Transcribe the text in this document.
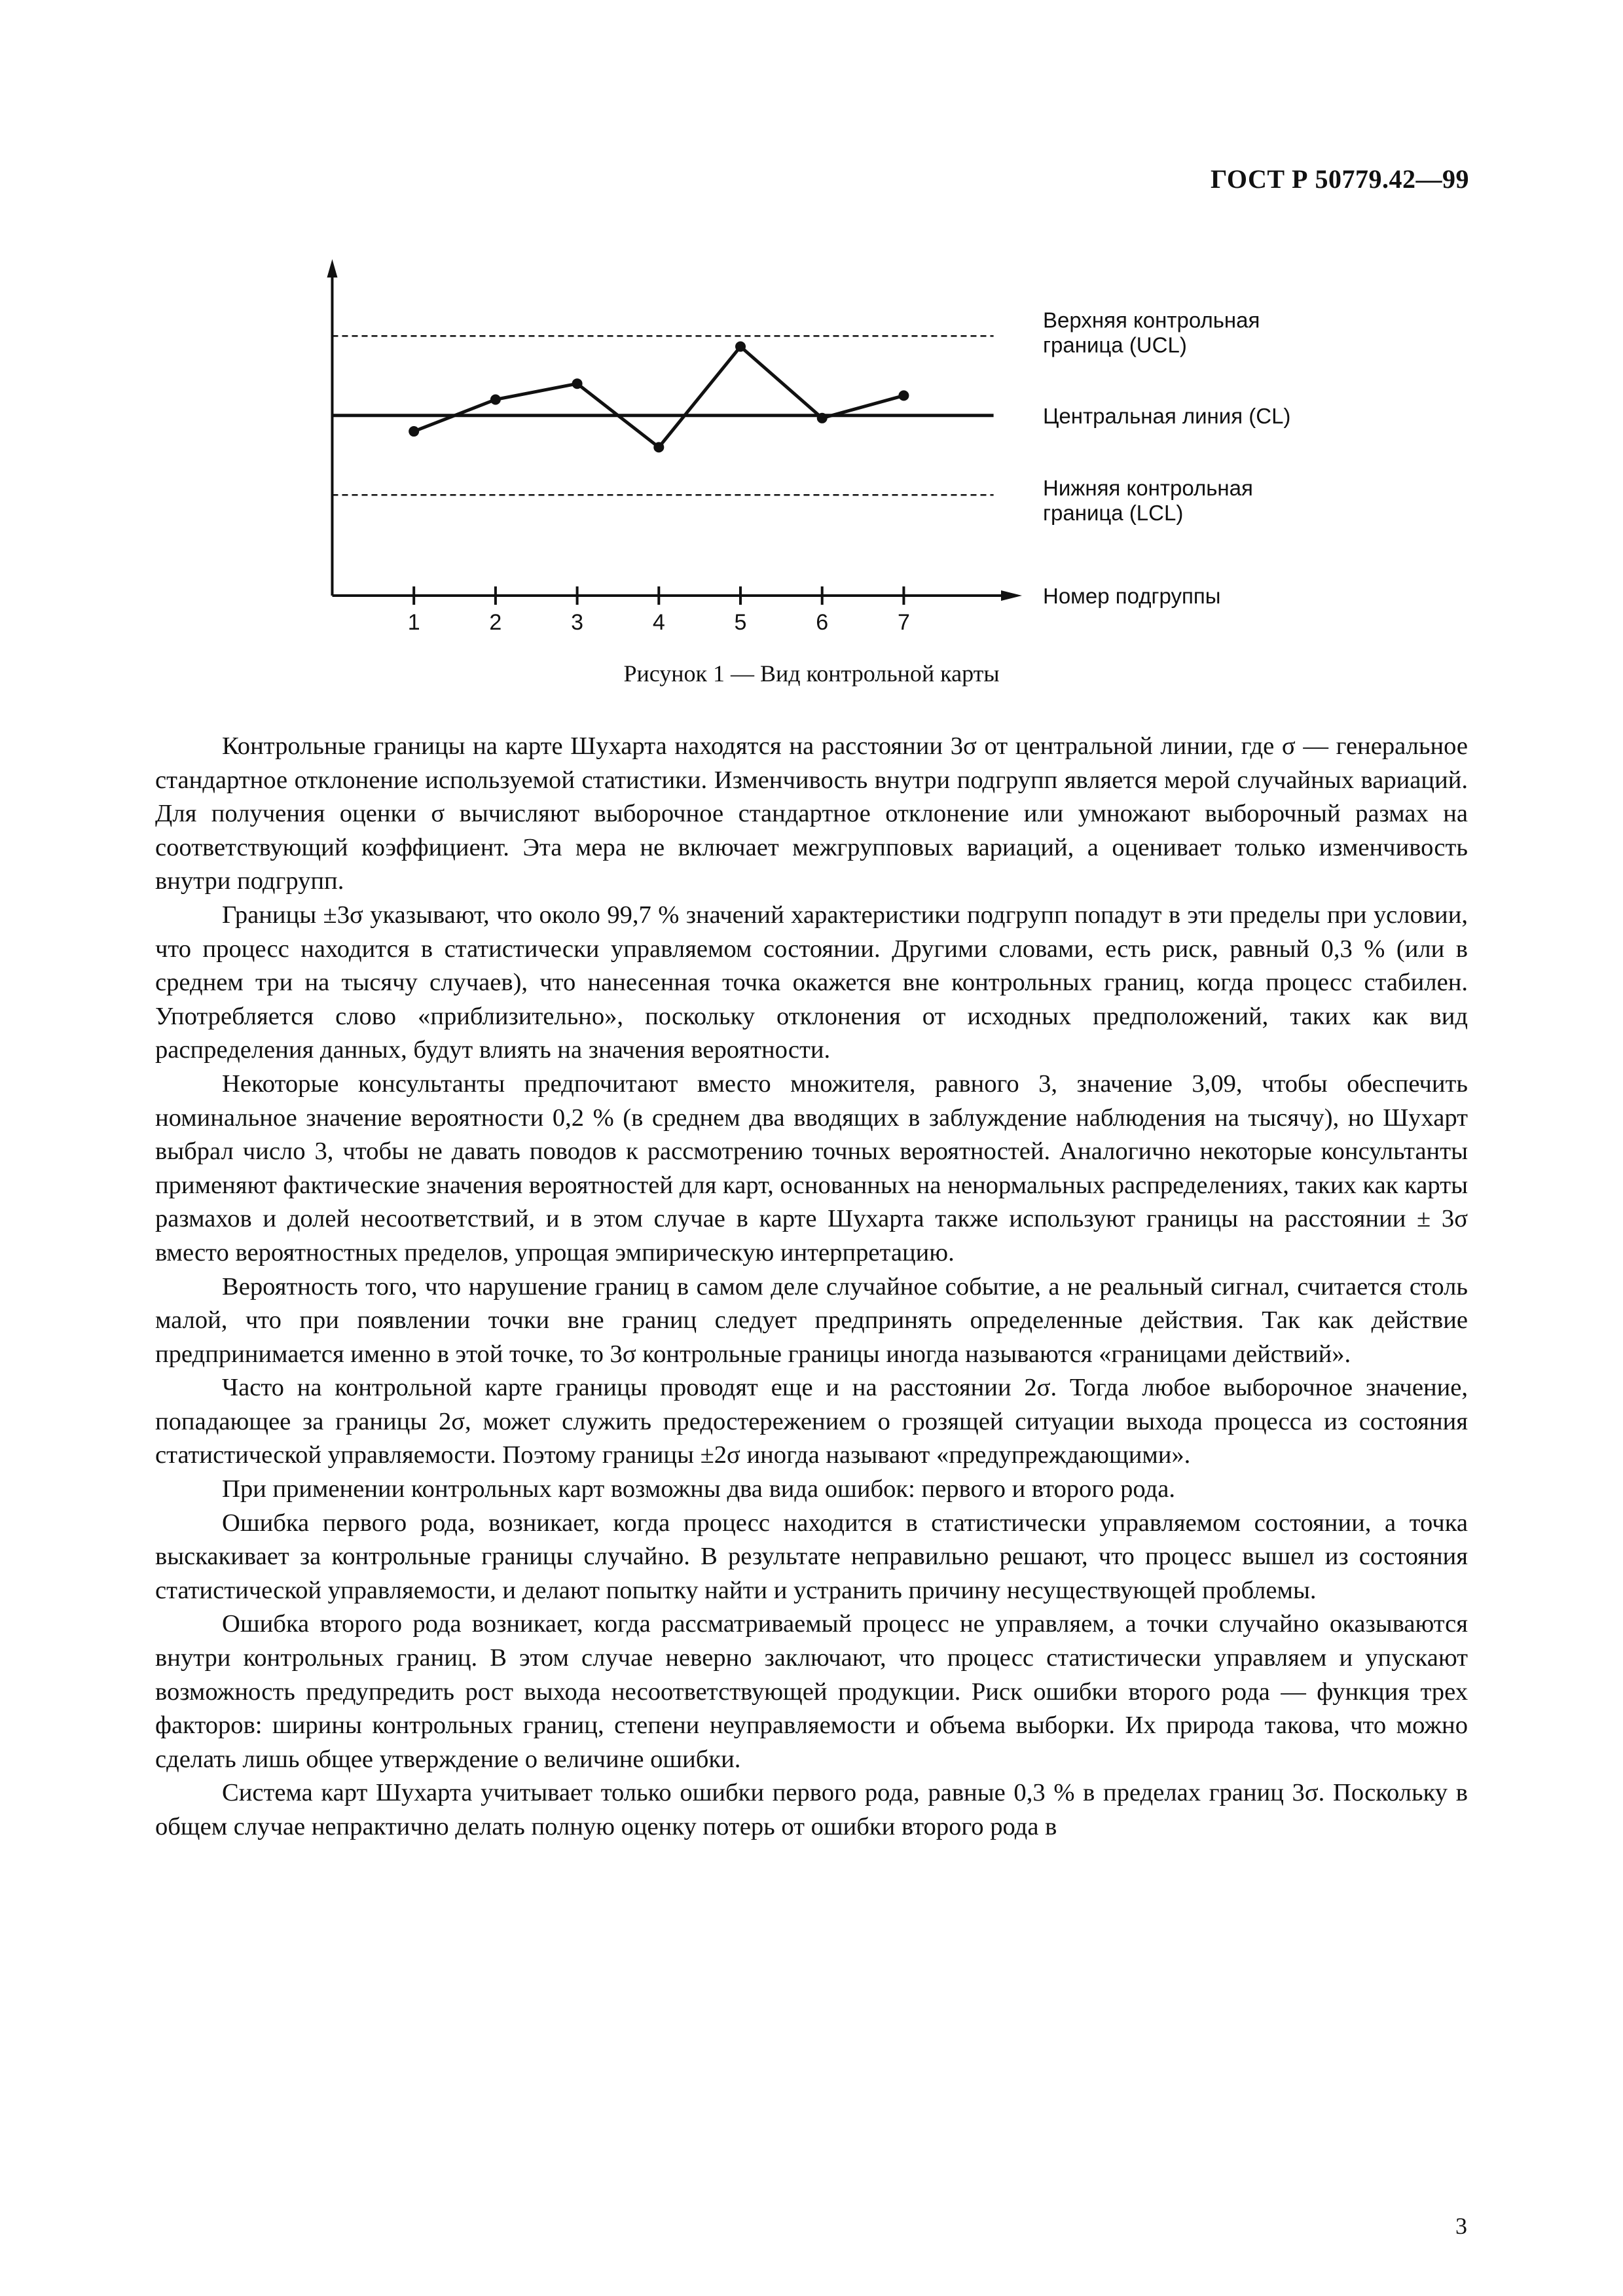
ГОСТ Р 50779.42—99
1	2	3	4	5	6	7
Верхняя контрольная
граница (UCL)
Центральная линия (CL)
Нижняя контрольная
граница (LCL)
Номер подгруппы
Рисунок 1 — Вид контрольной карты

Контрольные границы на карте Шухарта находятся на расстоянии 3σ от центральной линии, где σ — генеральное стандартное отклонение используемой статистики. Изменчивость внутри подгрупп является мерой случайных вариаций. Для получения оценки σ вычисляют выборочное стандартное отклонение или умножают выборочный размах на соответствующий коэффициент. Эта мера не включает межгрупповых вариаций, а оценивает только изменчивость внутри подгрупп.

Границы ±3σ указывают, что около 99,7 % значений характеристики подгрупп попадут в эти пределы при условии, что процесс находится в статистически управляемом состоянии. Другими словами, есть риск, равный 0,3 % (или в среднем три на тысячу случаев), что нанесенная точка окажется вне контрольных границ, когда процесс стабилен. Употребляется слово «приблизительно», поскольку отклонения от исходных предположений, таких как вид распределения данных, будут влиять на значения вероятности.

Некоторые консультанты предпочитают вместо множителя, равного 3, значение 3,09, чтобы обеспечить номинальное значение вероятности 0,2 % (в среднем два вводящих в заблуждение наблюдения на тысячу), но Шухарт выбрал число 3, чтобы не давать поводов к рассмотрению точных вероятностей. Аналогично некоторые консультанты применяют фактические значения вероятностей для карт, основанных на ненормальных распределениях, таких как карты размахов и долей несоответствий, и в этом случае в карте Шухарта также используют границы на расстоянии ± 3σ вместо вероятностных пределов, упрощая эмпирическую интерпретацию.

Вероятность того, что нарушение границ в самом деле случайное событие, а не реальный сигнал, считается столь малой, что при появлении точки вне границ следует предпринять определенные действия. Так как действие предпринимается именно в этой точке, то 3σ контрольные границы иногда называются «границами действий».

Часто на контрольной карте границы проводят еще и на расстоянии 2σ. Тогда любое выборочное значение, попадающее за границы 2σ, может служить предостережением о грозящей ситуации выхода процесса из состояния статистической управляемости. Поэтому границы ±2σ иногда называют «предупреждающими».

При применении контрольных карт возможны два вида ошибок: первого и второго рода.

Ошибка первого рода, возникает, когда процесс находится в статистически управляемом состоянии, а точка выскакивает за контрольные границы случайно. В результате неправильно решают, что процесс вышел из состояния статистической управляемости, и делают попытку найти и устранить причину несуществующей проблемы.

Ошибка второго рода возникает, когда рассматриваемый процесс не управляем, а точки случайно оказываются внутри контрольных границ. В этом случае неверно заключают, что процесс статистически управляем и упускают возможность предупредить рост выхода несоответствующей продукции. Риск ошибки второго рода — функция трех факторов: ширины контрольных границ, степени неуправляемости и объема выборки. Их природа такова, что можно сделать лишь общее утверждение о величине ошибки.

Система карт Шухарта учитывает только ошибки первого рода, равные 0,3 % в пределах границ 3σ. Поскольку в общем случае непрактично делать полную оценку потерь от ошибки второго рода в

3
